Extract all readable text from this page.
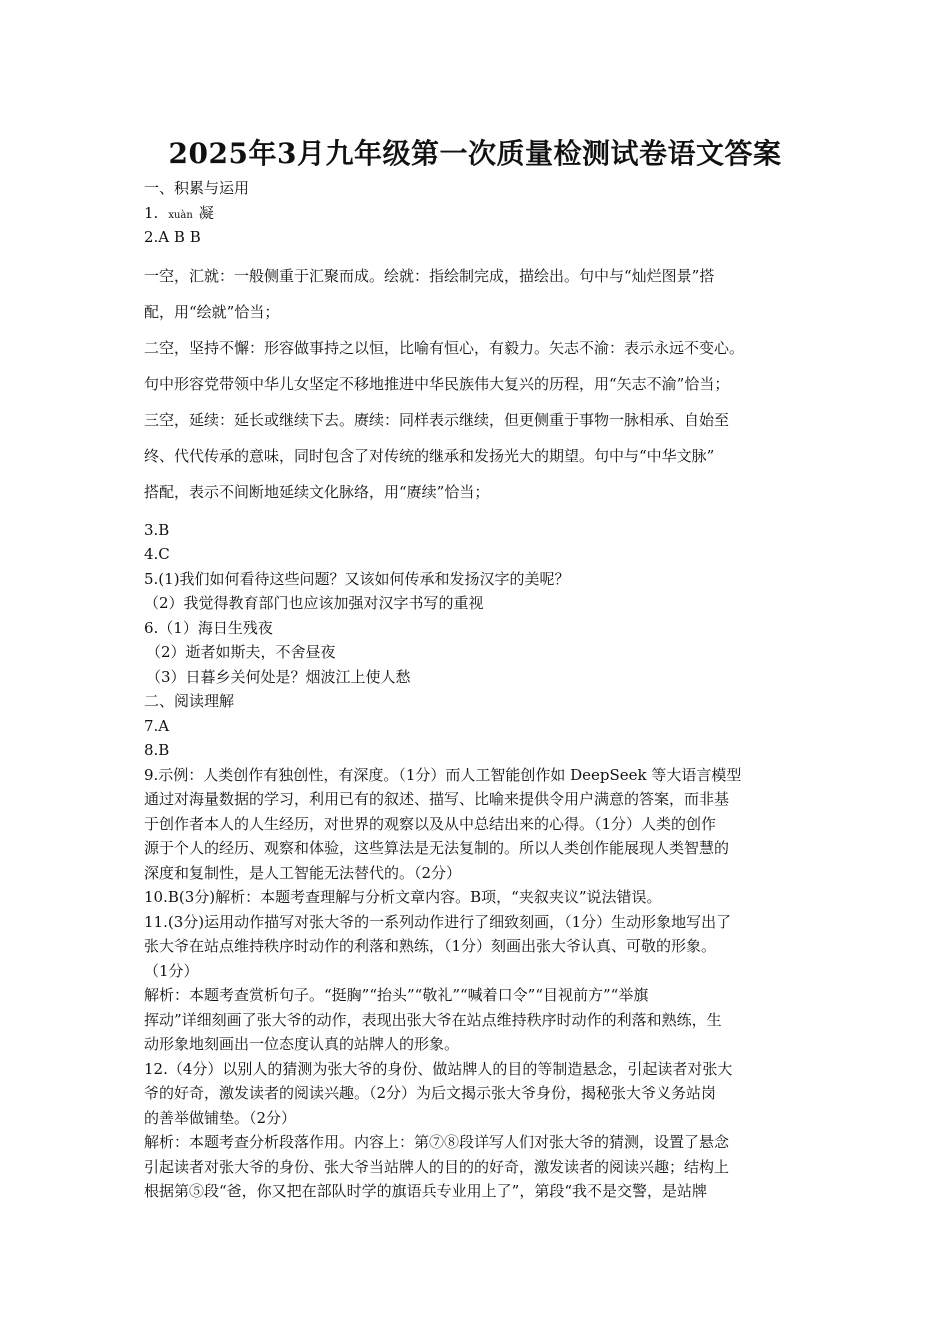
2025年3月九年级第一次质量检测试卷语文答案
一、积累与运用
1. xuàn 凝
2.A B B
一空，汇就：一般侧重于汇聚而成。绘就：指绘制完成，描绘出。句中与“灿烂图景”搭
配，用“绘就”恰当；
二空，坚持不懈：形容做事持之以恒，比喻有恒心，有毅力。矢志不渝：表示永远不变心。
句中形容党带领中华儿女坚定不移地推进中华民族伟大复兴的历程，用“矢志不渝”恰当；
三空，延续：延长或继续下去。赓续：同样表示继续，但更侧重于事物一脉相承、自始至
终、代代传承的意味，同时包含了对传统的继承和发扬光大的期望。句中与“中华文脉”
搭配，表示不间断地延续文化脉络，用“赓续”恰当；
3.B
4.C
5.(1)我们如何看待这些问题？又该如何传承和发扬汉字的美呢？
（2）我觉得教育部门也应该加强对汉字书写的重视
6.（1）海日生残夜
（2）逝者如斯夫，不舍昼夜
（3）日暮乡关何处是？烟波江上使人愁
二、阅读理解
7.A
8.B
9.示例：人类创作有独创性，有深度。（1分）而人工智能创作如 DeepSeek 等大语言模型
通过对海量数据的学习，利用已有的叙述、描写、比喻来提供令用户满意的答案，而非基
于创作者本人的人生经历，对世界的观察以及从中总结出来的心得。（1分）人类的创作
源于个人的经历、观察和体验，这些算法是无法复制的。所以人类创作能展现人类智慧的
深度和复制性，是人工智能无法替代的。（2分）
10.B(3分)解析：本题考查理解与分析文章内容。B项，“夹叙夹议”说法错误。
11.(3分)运用动作描写对张大爷的一系列动作进行了细致刻画，（1分）生动形象地写出了
张大爷在站点维持秩序时动作的利落和熟练，（1分）刻画出张大爷认真、可敬的形象。
（1分）
解析：本题考查赏析句子。“挺胸”“抬头”“敬礼”“喊着口令”“目视前方”“举旗
挥动”详细刻画了张大爷的动作，表现出张大爷在站点维持秩序时动作的利落和熟练，生
动形象地刻画出一位态度认真的站牌人的形象。
12.（4分）以别人的猜测为张大爷的身份、做站牌人的目的等制造悬念，引起读者对张大
爷的好奇，激发读者的阅读兴趣。（2分）为后文揭示张大爷身份，揭秘张大爷义务站岗
的善举做铺垫。（2分）
解析：本题考查分析段落作用。内容上：第⑦⑧段详写人们对张大爷的猜测，设置了悬念
引起读者对张大爷的身份、张大爷当站牌人的目的的好奇，激发读者的阅读兴趣；结构上
根据第⑤段“爸，你又把在部队时学的旗语兵专业用上了”，第段“我不是交警，是站牌
